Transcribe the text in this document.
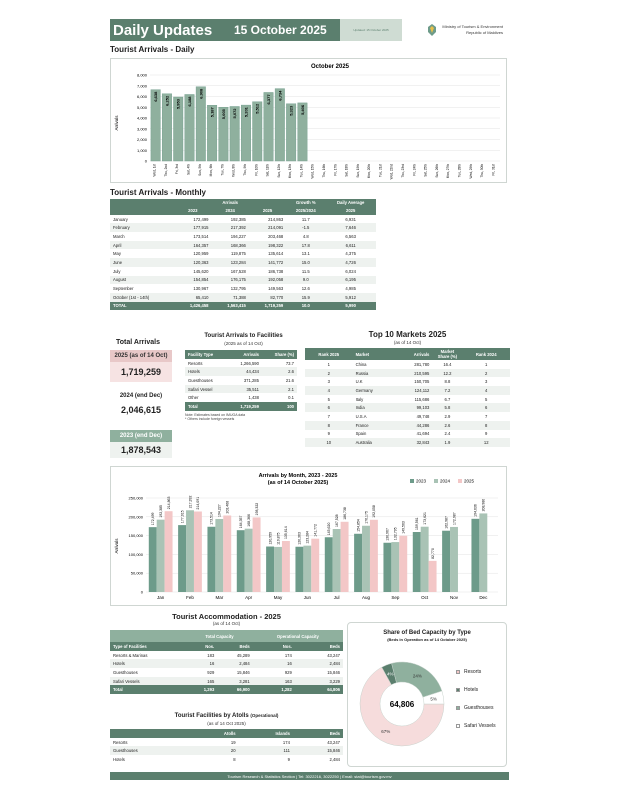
Daily Updates	15 October 2025	Updated: 15 October 2025
Ministry of Tourism & Environment
Republic of Maldives
Tourist Arrivals - Daily
October 2025
Arrivals
0
1,000
2,000
3,000
4,000
5,000
6,000
7,000
8,000
6,638 6,252 5,953 6,188
6,908
5,187 5,005 5,072 5,201 5,512
6,377 6,734
5,323 5,406
Wed, 1st Thu, 2nd Fri, 3rd Sat, 4th Sun, 5th Mon, 6th Tue, 7th Wed, 8th Thu, 9th Fri, 10th Sat, 11th Sun, 12th Mon, 13th Tue, 14th Wed, 15th Thu, 16th Fri, 17th Sat, 18th Sun, 19th Mon, 20th Tue, 21st Wed, 22nd Thu, 23rd Fri, 24th Sat, 25th Sun, 26th Mon, 27th Tue, 28th Wed, 29th Thu, 30th Fri, 31st
Tourist Arrivals - Monthly
	Arrivals			Growth %	Daily Average
	2023	2024	2025	2025/2024	2025
January	172,499	192,385	214,863	11.7	6,931
February	177,915	217,392	214,091	-1.5	7,646
March	173,514	194,227	203,468	4.8	6,563
April	164,357	168,366	198,322	17.8	6,611
May	120,959	119,875	135,614	13.1	4,375
June	120,363	123,284	141,772	15.0	4,726
July	145,620	167,528	186,738	11.5	6,024
August	154,854	176,175	192,058	9.0	6,195
September	130,967	132,795	149,563	12.6	4,985
October (1st - 14th)	65,410	71,388	82,770	15.9	5,912
TOTAL	1,426,458	1,563,415	1,719,259	10.0	5,990
Total Arrivals
2025 (as of 14 Oct)
1,719,259
2024 (end Dec)
2,046,615
2023 (end Dec)
1,878,543
Tourist Arrivals to Facilities
(2025 as of 14 Oct)
Facility Type	Arrivals	Share (%)
Resorts	1,266,590	73.7
Hotels	44,434	2.6
Guesthouses	371,285	21.6
Safari Vessel	35,511	2.1
Other	1,438	0.1
Total	1,719,259	100
Note: Estimates based on IMUGA data
* Others include foreign vessels
Top 10 Markets 2025
(as of 14 Oct)
Rank 2025	Market	Arrivals	Market Share (%)	Rank 2024
1	China	281,780	16.4	1
2	Russia	210,595	12.2	2
3	U.K	150,705	8.8	3
4	Germany	124,112	7.2	4
5	Italy	115,686	6.7	5
6	India	99,103	5.8	6
7	U.S.A	49,748	2.9	7
8	France	44,286	2.6	8
9	Spain	41,694	2.4	9
10	Australia	32,843	1.9	12
Arrivals by Month, 2023 - 2025
(as of 14 October 2025)
Arrivals
2023	2024	2025
0
50,000
100,000
150,000
200,000
250,000
172,499
192,385
214,863
177,915
217,392 214,091
173,514
194,227 203,468
164,357 168,366
198,322
120,959 119,875 135,614	120,363 123,284
141,772	145,620
167,528
186,738
154,854
176,175 192,058
130,967 132,795 149,563	159,561 173,621
82,770
162,987 172,987
194,636 208,980
Jan	Feb	Mar	Apr	May	Jun	Jul	Aug	Sep	Oct	Nov	Dec
Tourist Accommodation - 2025
(as of 14 Oct)
	Total Capacity		Operational Capacity	
Type of Facilities	Nos.	Beds	Nos.	Beds
Resorts & Marinas	183	45,289	174	43,247
Hotels	16	2,484	16	2,484
Guesthouses	929	15,846	929	15,846
Safari Vessels	165	3,281	163	3,229
Total	1,293	66,900	1,282	64,806
Tourist Facilities by Atolls (Operational)
(as of 14 Oct 2025)
	Atolls	Islands	Beds
Resorts	19	174	43,247
Guesthouses	20	111	15,846
Hotels	8	9	2,484
Share of Bed Capacity by Type
(Beds in Operation as of 14 October 2025)
67%
4%	24%
5%
64,806
Resorts
Hotels
Guesthouses
Safari Vessels
Tourism Research & Statistics Section | Tel: 3022216, 3022250 | Email: stat@tourism.gov.mv
